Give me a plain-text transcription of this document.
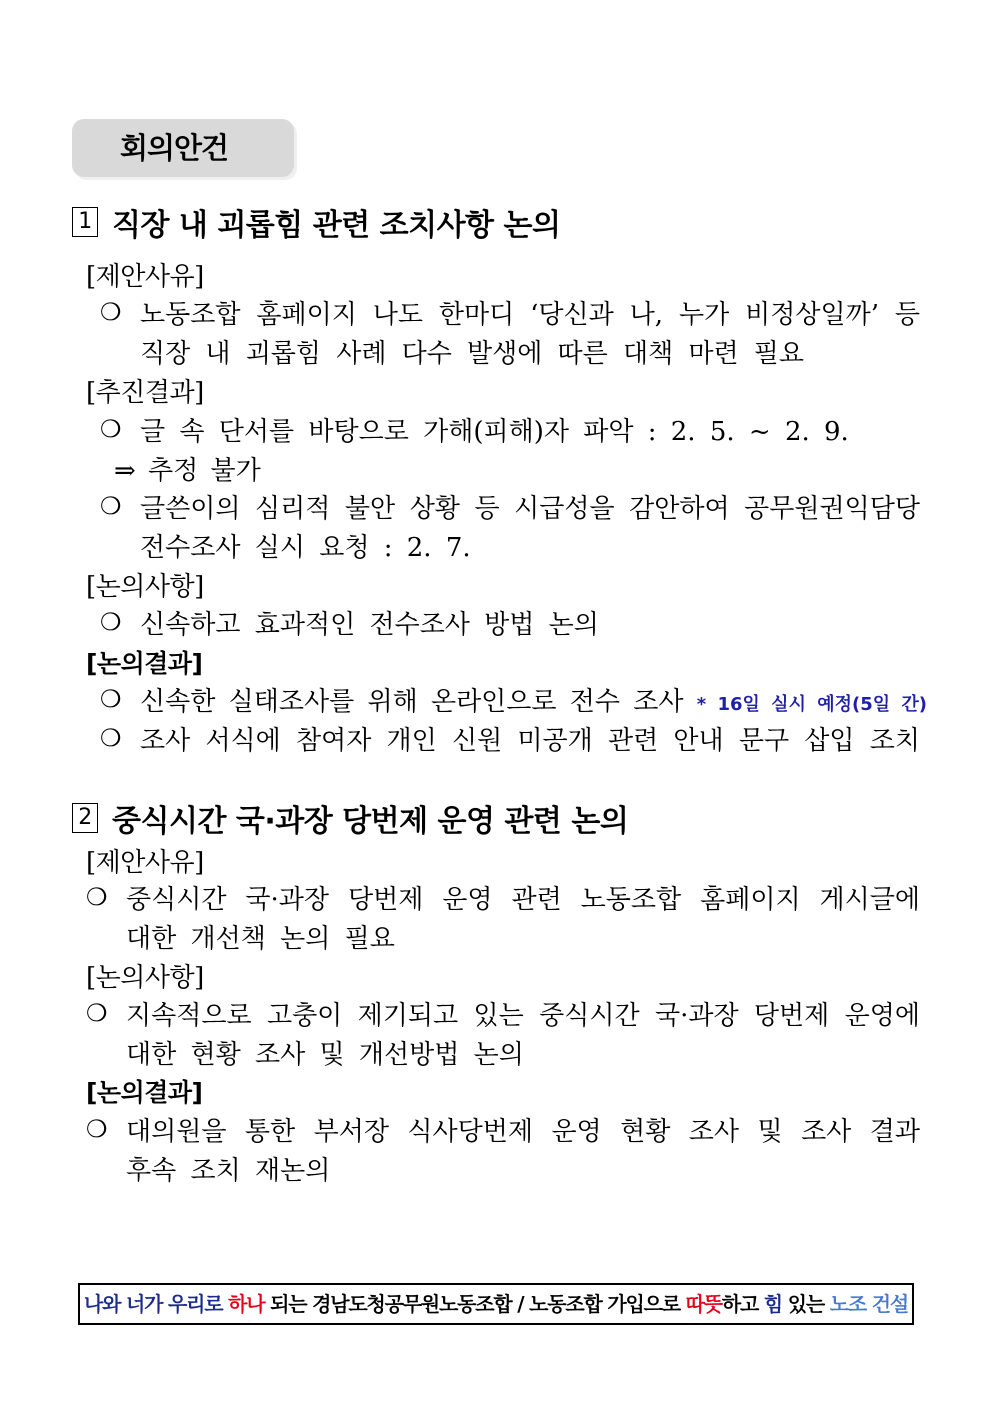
회의안건
1 직장 내 괴롭힘 관련 조치사항 논의
[제안사유]
❍ 노동조합 홈페이지 나도 한마디 ‘당신과 나, 누가 비정상일까’ 등
직장 내 괴롭힘 사례 다수 발생에 따른 대책 마련 필요
[추진결과]
❍ 글 속 단서를 바탕으로 가해(피해)자 파악 : 2. 5. ~ 2. 9.
⇒ 추정 불가
❍ 글쓴이의 심리적 불안 상황 등 시급성을 감안하여 공무원권익담당
전수조사 실시 요청 : 2. 7.
[논의사항]
❍ 신속하고 효과적인 전수조사 방법 논의
[논의결과]
❍ 신속한 실태조사를 위해 온라인으로 전수 조사 * 16일 실시 예정(5일 간)
❍ 조사 서식에 참여자 개인 신원 미공개 관련 안내 문구 삽입 조치
2 중식시간 국·과장 당번제 운영 관련 논의
[제안사유]
❍ 중식시간 국·과장 당번제 운영 관련 노동조합 홈페이지 게시글에
대한 개선책 논의 필요
[논의사항]
❍ 지속적으로 고충이 제기되고 있는 중식시간 국·과장 당번제 운영에
대한 현황 조사 및 개선방법 논의
[논의결과]
❍ 대의원을 통한 부서장 식사당번제 운영 현황 조사 및 조사 결과
후속 조치 재논의
나와 너가 우리로 하나 되는 경남도청공무원노동조합 / 노동조합 가입으로 따뜻하고 힘 있는 노조 건설
